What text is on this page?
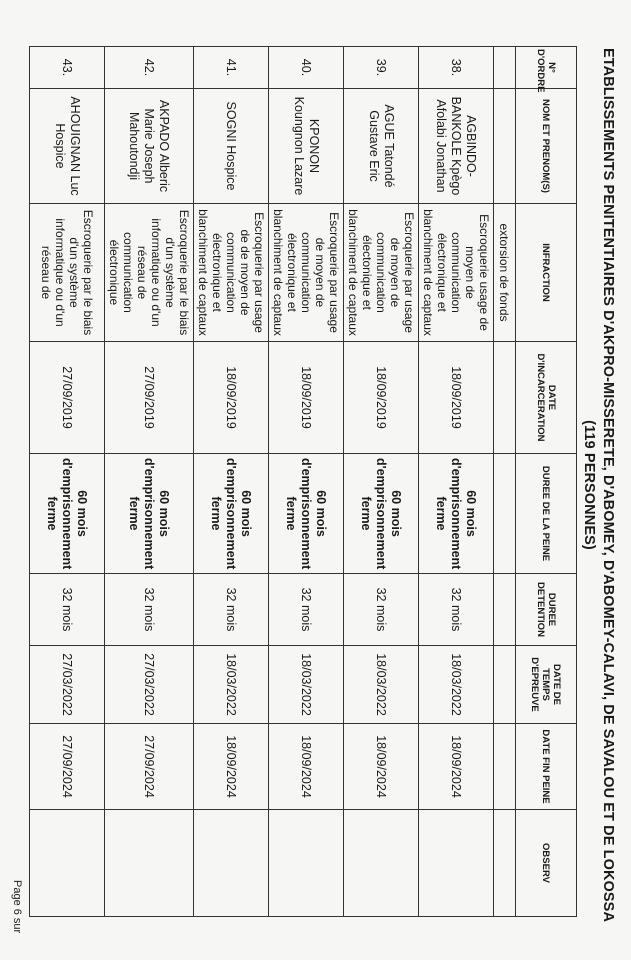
ETABLISSEMENTS PENITENTIAIRES D'AKPRO-MISSERETE, D'ABOMEY, D'ABOMEY-CALAVI, DE SAVALOU ET DE LOKOSSA
(119 PERSONNES)
N° D'ORDRE	NOM ET PRENOM(S)	INFRACTION	DATE D'INCARCERATION	DUREE DE LA PEINE	DUREE DETENTION	DATE DE TEMPS D'EPREUVE	DATE FIN PEINE	OBSERV
		extorsion de fonds						
38.	AGBINDO-BANKOLE Kpègo Afolabi Jonathan	Escroquerie usage de moyen de communication électronique et blanchiment de captaux	18/09/2019	60 mois d'emprisonnement ferme	32 mois	18/03/2022	18/09/2024	
39.	AGUE Tatondé Gustave Eric	Escroquerie par usage de moyen de communication électonique et blanchiment de captaux	18/09/2019	60 mois d'emprisonnement ferme	32 mois	18/03/2022	18/09/2024	
40.	KPONON Koungnon Lazare	Escroquerie par usage de moyen de communication électronique et blanchiment de captaux	18/09/2019	60 mois d'emprisonnement ferme	32 mois	18/03/2022	18/09/2024	
41.	SOGNI Hospice	Escroquerie par usage de de moyen de communication électronique et blanchiment de captaux	18/09/2019	60 mois d'emprisonnement ferme	32 mois	18/03/2022	18/09/2024	
42.	AKPADO Alberic Marie Joseph Mahoutondji	Escroquerie par le biais d'un système informatique ou d'un réseau de communication électronique	27/09/2019	60 mois d'emprisonnement ferme	32 mois	27/03/2022	27/09/2024	
43.	AHOUIGNAN Luc Hospice	Escroquerie par le biais d'un système informatique ou d'un réseau de	27/09/2019	60 mois d'emprisonnement ferme	32 mois	27/03/2022	27/09/2024	
Page 6 sur
